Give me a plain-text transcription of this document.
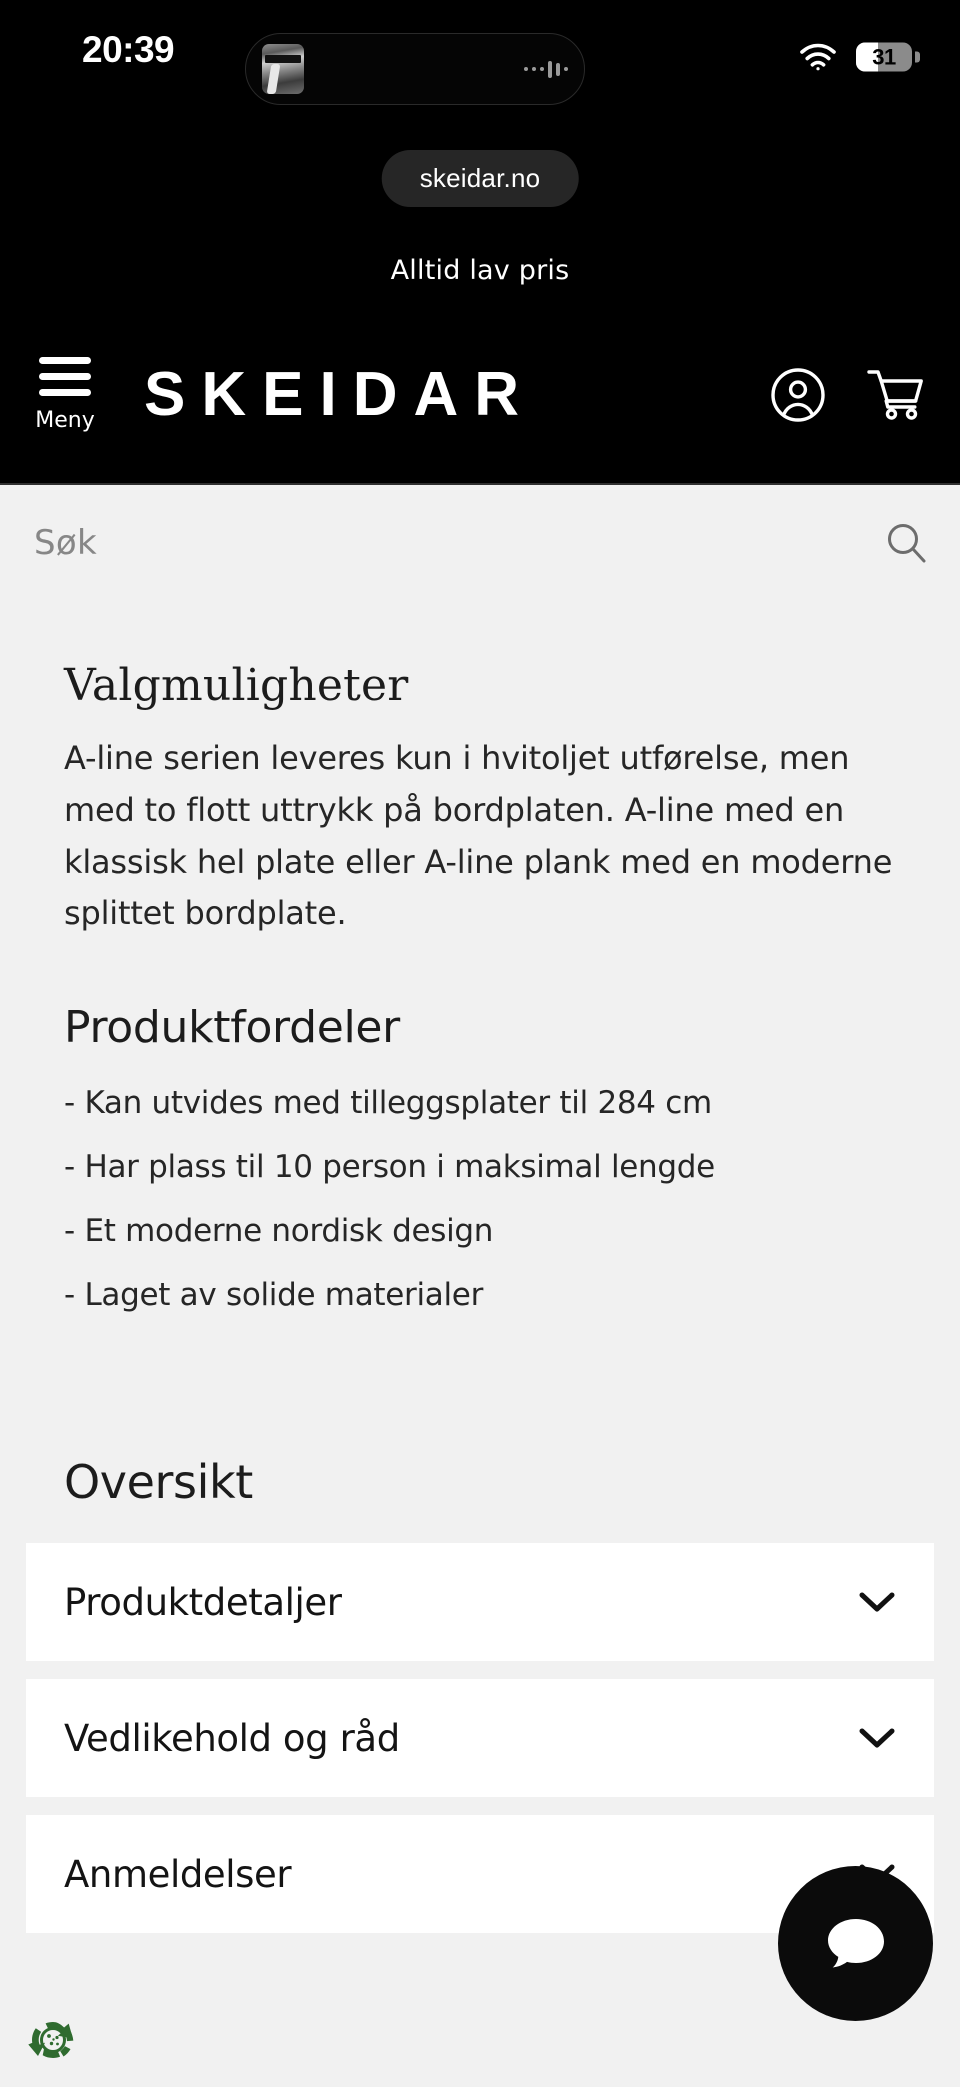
20:39	31
skeidar.no
Alltid lav pris
Meny SKEIDAR
Søk
Valgmuligheter

A-line serien leveres kun i hvitoljet utførelse, men med to flott uttrykk på bordplaten. A-line med en klassisk hel plate eller A-line plank med en moderne splittet bordplate.

Produktfordeler
- Kan utvides med tilleggsplater til 284 cm
- Har plass til 10 person i maksimal lengde
- Et moderne nordisk design
- Laget av solide materialer
Oversikt
Produktdetaljer
Vedlikehold og råd
Anmeldelser
